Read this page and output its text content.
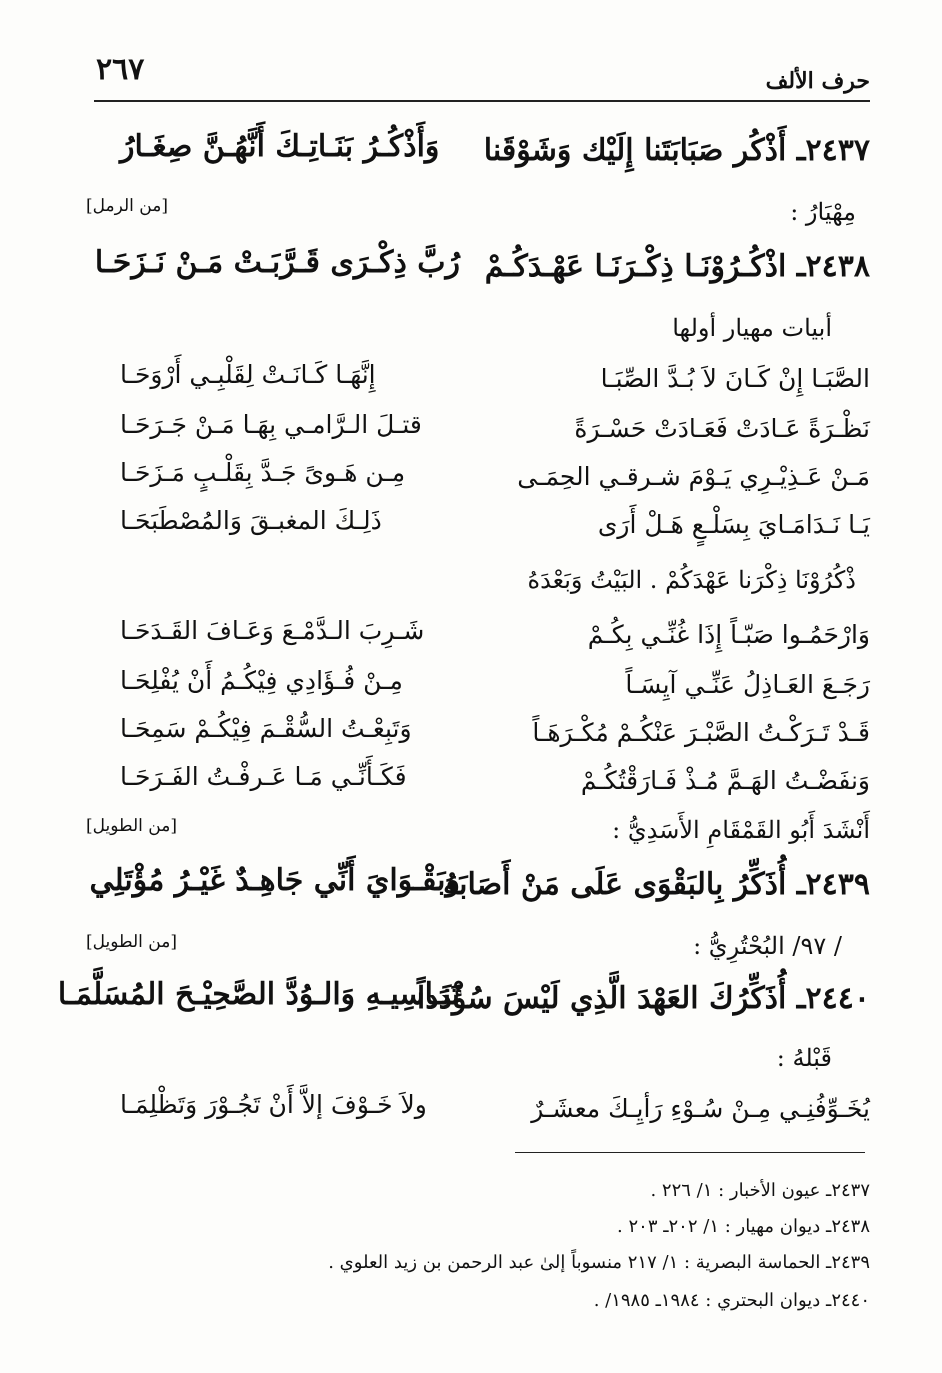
٢٦٧	حرف الألف
٢٤٣٧ـ أَذْكُر صَبَابَتَنا إِلَيْك وَشَوْقَنا
وَأَذْكُـرُ بَنَـاتِـكَ أَنَّهُـنَّ صِغَـارُ
مِهْيَارُ :
[من الرمل]
٢٤٣٨ـ اذْكُـرُوْنَـا ذِكْـرَنَـا عَهْـدَكُـمْ
رُبَّ ذِكْـرَى قَـرَّبَـتْ مَـنْ نَـزَحَـا
أبيات مهيار أولها
الصَّبَـا إِنْ كَـانَ لاَ بُـدَّ الصِّبَـا
إِنَّهَـا كَـانَـتْ لِقَلْبِـي أَرْوَحَـا
نَظْـرَةً عَـادَتْ فَعَـادَتْ حَسْـرَةً
قتـلَ الـرَّامـي بِهَـا مَـنْ جَـرَحَـا
مَـنْ عَـذِيْـرِي يَـوْمَ شـرقـي الحِمَـى
مِـن هَـوىً جَـدَّ بِقَلْـبٍ مَـزَحَـا
يَـا نَـدَامَـايَ بِسَلْـعٍ هَـلْ أَرَى
ذَلِـكَ المغبـقَ وَالمُصْطَبَحَـا
ذْكُرُوْنَا ذِكْرَنا عَهْدَكُمْ . البَيْتُ وَبَعْدَهُ
وَارْحَمُـوا صَبّـاً إِذَا غُنِّـي بِكُـمْ
شَـرِبَ الـدَّمْـعَ وَعَـافَ القَـدَحَـا
رَجَـعَ العَـاذِلُ عَنِّـي آيِسَـاً
مِـنْ فُـؤَادِي فِيْكُـمُ أَنْ يُفْلِحَـا
قَـدْ تَـرَكْـتُ الصَّبْـرَ عَنْكُـمْ مُكْـرَهَـاً
وَتَبِعْـتُ السُّقْـمَ فِيْكُـمْ سَمِحَـا
وَنفَضْـتُ الهَـمَّ مُـذْ فَـارَقْتُكُـمْ
فَكَـأَنِّـي مَـا عَـرفْـتُ الفَـرَحَـا
أَنْشَدَ أَبُو القَمْقَامِ الأَسَدِيُّ :
[من الطويل]
٢٤٣٩ـ أُذَكِّرُ بِالبَقْوَى عَلَى مَنْ أَصَابَهُ
وبَقْـوَايَ أَنِّي جَاهِـدٌ غَيْـرُ مُؤْتَلِي
/ ٩٧/ البُحْتُرِيُّ :
[من الطويل]
٢٤٤٠ـ أُذَكِّرُكَ العَهْدَ الَّذِي لَيْسَ سُؤْدَداً
تَنَـاسِيـهِ وَالـوُدَّ الصَّحِيْـحَ المُسَلَّمَـا
قَبْلهُ :
يُخَـوِّفُنِـي مِـنْ سُـوْءِ رَأيِـكَ معشَـرٌ
ولاَ خَـوْفَ إلاَّ أَنْ تَجُـوْرَ وَتَظْلِمَـا
٢٤٣٧ـ عيون الأخبار : ١/ ٢٢٦ .
٢٤٣٨ـ ديوان مهيار : ١/ ٢٠٢ـ ٢٠٣ .
٢٤٣٩ـ الحماسة البصرية : ١/ ٢١٧ منسوباً إلىٰ عبد الرحمن بن زيد العلوي .
٢٤٤٠ـ ديوان البحتري : ١٩٨٤ـ ١٩٨٥/ .
